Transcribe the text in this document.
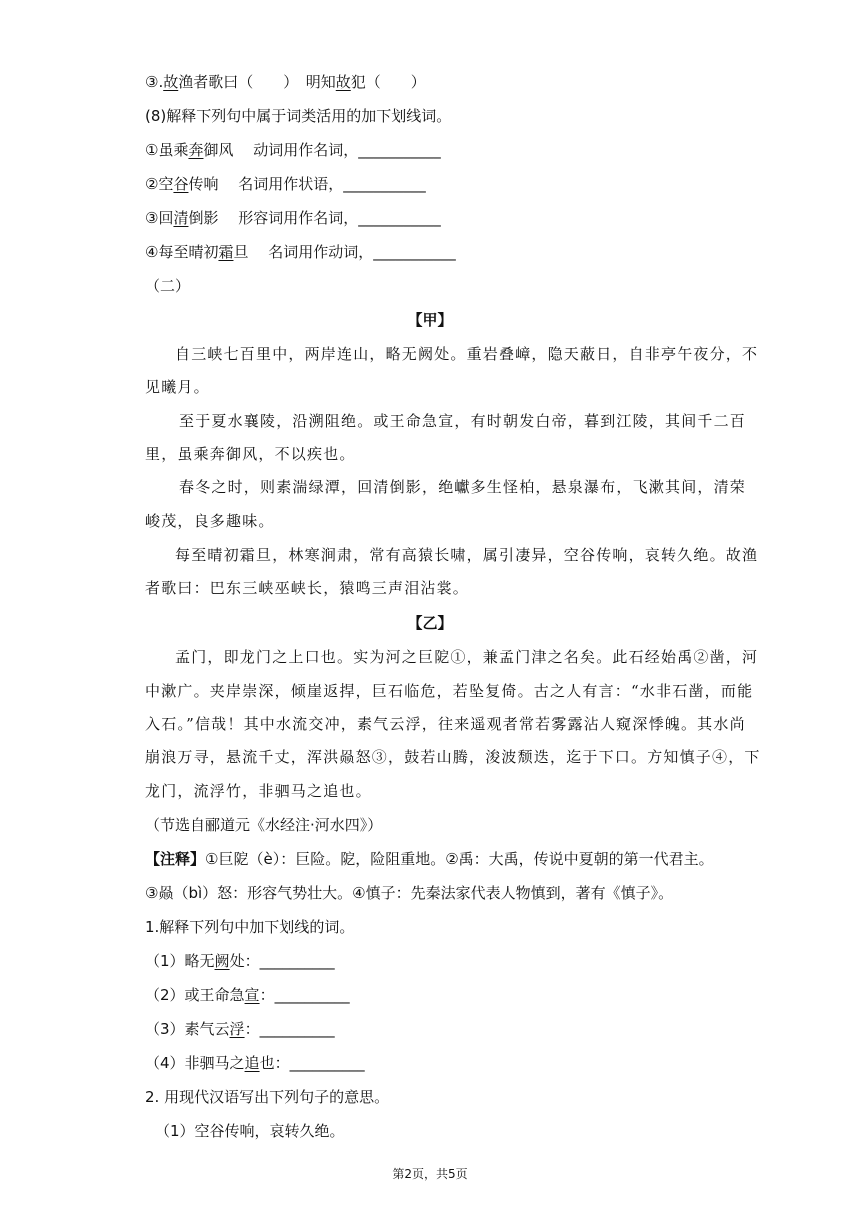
③.故渔者歌曰（　　）　明知故犯（　　）
(8)解释下列句中属于词类活用的加下划线词。
①虽乘奔御风　 动词用作名词，___________
②空谷传响　 名词用作状语，___________
③回清倒影　 形容词用作名词，___________
④每至晴初霜旦　 名词用作动词，___________
（二）
【甲】
自三峡七百里中，两岸连山，略无阙处。重岩叠嶂，隐天蔽日，自非亭午夜分，不
见曦月。
至于夏水襄陵，沿溯阻绝。或王命急宣，有时朝发白帝，暮到江陵，其间千二百
里，虽乘奔御风，不以疾也。
春冬之时，则素湍绿潭，回清倒影，绝巘多生怪柏，悬泉瀑布，飞漱其间，清荣
峻茂，良多趣味。
每至晴初霜旦，林寒涧肃，常有高猿长啸，属引凄异，空谷传响，哀转久绝。故渔
者歌曰：巴东三峡巫峡长，猿鸣三声泪沾裳。
【乙】
孟门，即龙门之上口也。实为河之巨阸①，兼孟门津之名矣。此石经始禹②凿，河
中漱广。夹岸崇深，倾崖返捍，巨石临危，若坠复倚。古之人有言：“水非石凿，而能
入石。”信哉！其中水流交冲，素气云浮，往来遥观者常若雾露沾人窥深悸魄。其水尚
崩浪万寻，悬流千丈，浑洪赑怒③，鼓若山腾，浚波颓迭，迄于下口。方知慎子④，下
龙门，流浮竹，非驷马之追也。
（节选自郦道元《水经注·河水四》）
【注释】①巨阸（è）：巨险。阸，险阻重地。②禹：大禹，传说中夏朝的第一代君主。
③赑（bì）怒：形容气势壮大。④慎子：先秦法家代表人物慎到，著有《慎子》。
1.解释下列句中加下划线的词。
（1）略无阙处：__________
（2）或王命急宣：__________
（3）素气云浮：__________
（4）非驷马之追也：__________
2. 用现代汉语写出下列句子的意思。
（1）空谷传响，哀转久绝。
第2页，共5页
